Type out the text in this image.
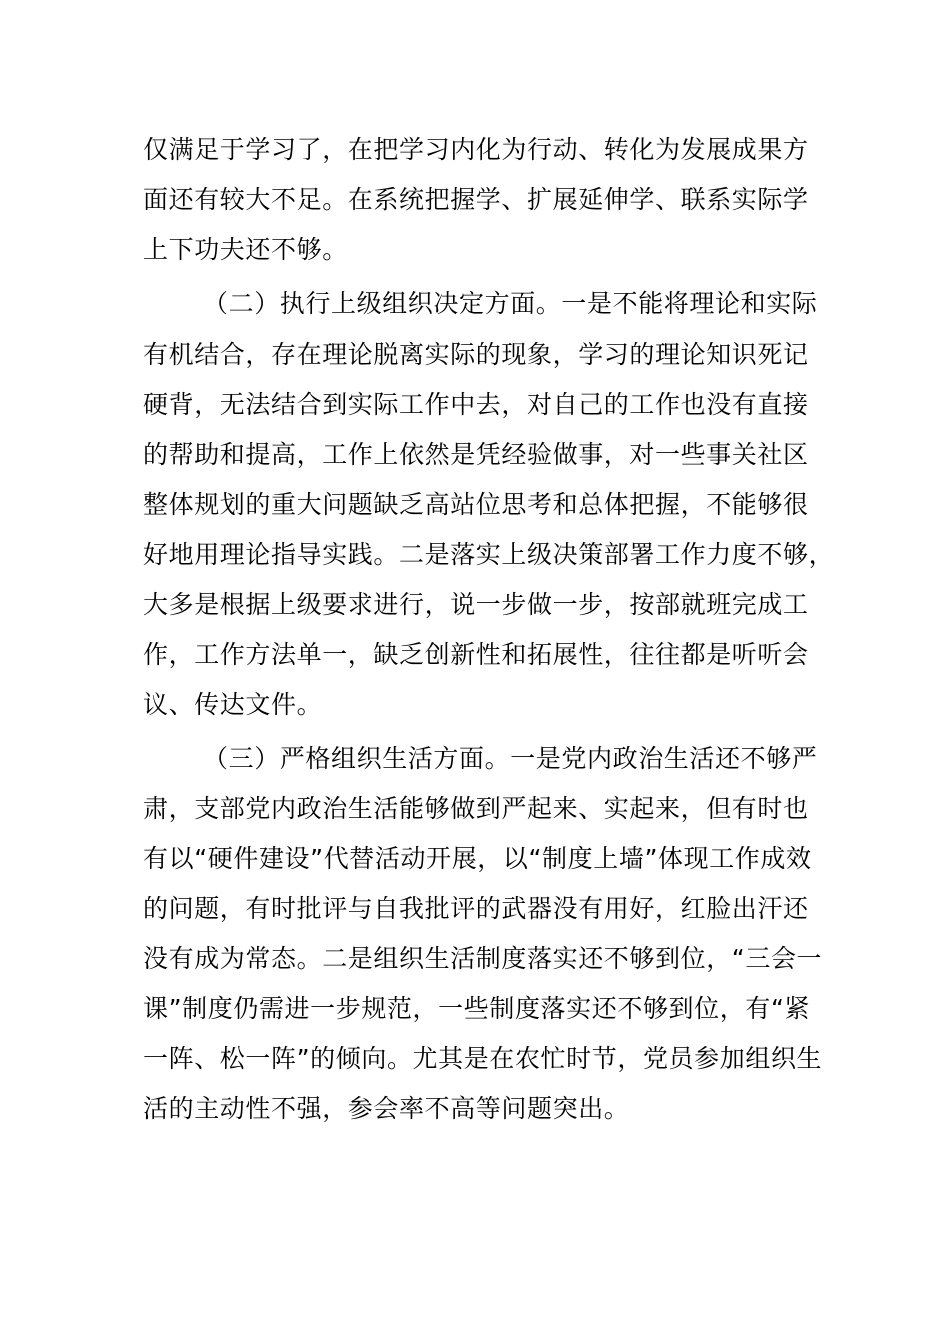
仅满足于学习了，在把学习内化为行动、转化为发展成果方
面还有较大不足。在系统把握学、扩展延伸学、联系实际学
上下功夫还不够。
（二）执行上级组织决定方面。一是不能将理论和实际
有机结合，存在理论脱离实际的现象，学习的理论知识死记
硬背，无法结合到实际工作中去，对自己的工作也没有直接
的帮助和提高，工作上依然是凭经验做事，对一些事关社区
整体规划的重大问题缺乏高站位思考和总体把握，不能够很
好地用理论指导实践。二是落实上级决策部署工作力度不够，
大多是根据上级要求进行，说一步做一步，按部就班完成工
作，工作方法单一，缺乏创新性和拓展性，往往都是听听会
议、传达文件。
（三）严格组织生活方面。一是党内政治生活还不够严
肃，支部党内政治生活能够做到严起来、实起来，但有时也
有以“硬件建设”代替活动开展，以“制度上墙”体现工作成效
的问题，有时批评与自我批评的武器没有用好，红脸出汗还
没有成为常态。二是组织生活制度落实还不够到位，“三会一
课”制度仍需进一步规范，一些制度落实还不够到位，有“紧
一阵、松一阵”的倾向。尤其是在农忙时节，党员参加组织生
活的主动性不强，参会率不高等问题突出。
